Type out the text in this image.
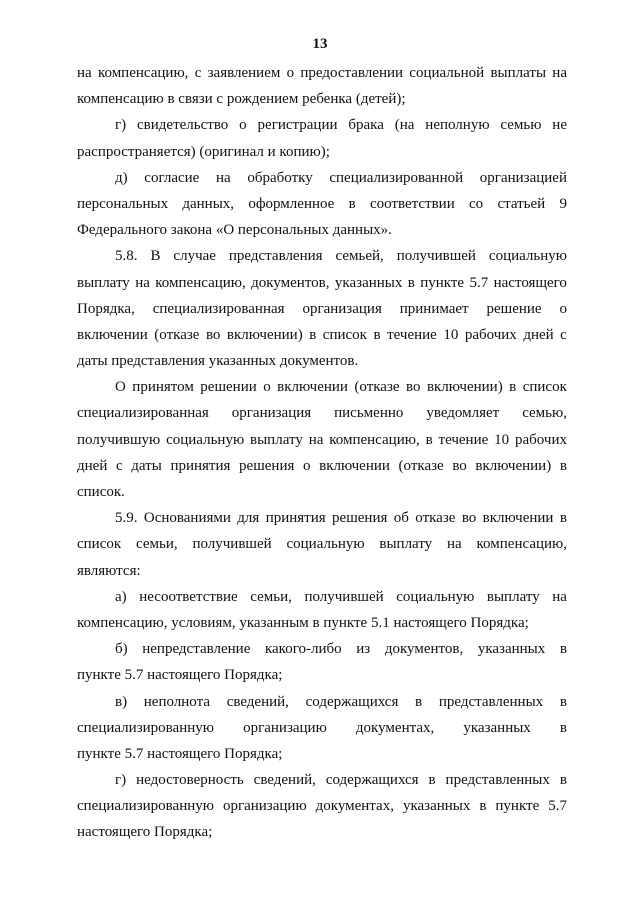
13
на компенсацию, с заявлением о предоставлении социальной выплаты на
компенсацию в связи с рождением ребенка (детей);
г) свидетельство о регистрации брака (на неполную семью не
распространяется) (оригинал и копию);
д) согласие на обработку специализированной организацией
персональных данных, оформленное в соответствии со статьей 9
Федерального закона «О персональных данных».
5.8. В случае представления семьей, получившей социальную
выплату на компенсацию, документов, указанных в пункте 5.7 настоящего
Порядка, специализированная организация принимает решение о
включении (отказе во включении) в список в течение 10 рабочих дней с
даты представления указанных документов.
О принятом решении о включении (отказе во включении) в список
специализированная организация письменно уведомляет семью,
получившую социальную выплату на компенсацию, в течение 10 рабочих
дней с даты принятия решения о включении (отказе во включении) в
список.
5.9. Основаниями для принятия решения об отказе во включении в
список семьи, получившей социальную выплату на компенсацию,
являются:
а) несоответствие семьи, получившей социальную выплату на
компенсацию, условиям, указанным в пункте 5.1 настоящего Порядка;
б) непредставление какого-либо из документов, указанных в
пункте 5.7 настоящего Порядка;
в) неполнота сведений, содержащихся в представленных в
специализированную организацию документах, указанных в
пункте 5.7 настоящего Порядка;
г) недостоверность сведений, содержащихся в представленных в
специализированную организацию документах, указанных в пункте 5.7
настоящего Порядка;
